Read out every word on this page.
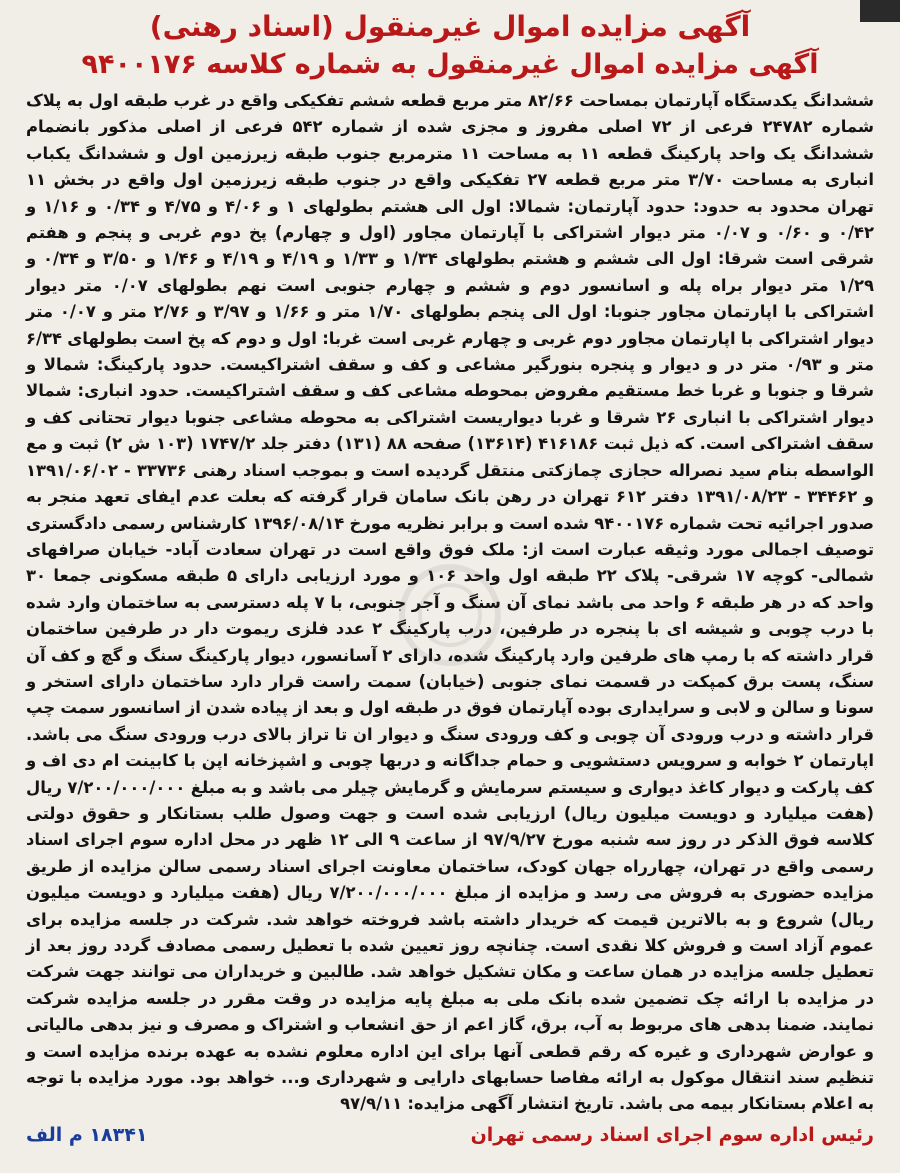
آگهی مزایده اموال غیرمنقول (اسناد رهنی)

آگهی مزایده اموال غیرمنقول به شماره کلاسه ۹۴۰۰۱۷۶

ششدانگ یکدستگاه آپارتمان بمساحت ۸۲/۶۶ متر مربع قطعه ششم تفکیکی واقع در غرب طبقه اول به پلاک شماره ۲۴۷۸۲ فرعی از ۷۲ اصلی مفروز و مجزی شده از شماره ۵۴۲ فرعی از اصلی مذکور بانضمام ششدانگ یک واحد پارکینگ قطعه ۱۱ به مساحت ۱۱ مترمربع جنوب طبقه زیرزمین اول و ششدانگ یکباب انباری به مساحت ۳/۷۰ متر مربع قطعه ۲۷ تفکیکی واقع در جنوب طبقه زیرزمین اول واقع در بخش ۱۱ تهران محدود به حدود: حدود آپارتمان: شمالا: اول الی هشتم بطولهای ۱ و ۴/۰۶ و ۴/۷۵ و ۰/۳۴ و ۱/۱۶ و ۰/۴۲ و ۰/۶۰ و ۰/۰۷ متر دیوار اشتراکی با آپارتمان مجاور (اول و چهارم) پخ دوم غربی و پنجم و هفتم شرقی است شرقا: اول الی ششم و هشتم بطولهای ۱/۳۴ و ۱/۳۳ و ۴/۱۹ و ۴/۱۹ و ۱/۴۶ و ۳/۵۰ و ۰/۳۴ و ۱/۲۹ متر دیوار براه پله و اسانسور دوم و ششم و چهارم جنوبی است نهم بطولهای ۰/۰۷ متر دیوار اشتراکی با اپارتمان مجاور جنوبا: اول الی پنجم بطولهای ۱/۷۰ متر و ۱/۶۶ و ۳/۹۷ و ۲/۷۶ متر و ۰/۰۷ متر دیوار اشتراکی با اپارتمان مجاور دوم غربی و چهارم غربی است غربا: اول و دوم که پخ است بطولهای ۶/۳۴ متر و ۰/۹۳ متر در و دیوار و پنجره بنورگیر مشاعی و کف و سقف اشتراکیست. حدود پارکینگ: شمالا و شرقا و جنوبا و غربا خط مستقیم مفروض بمحوطه مشاعی کف و سقف اشتراکیست. حدود انباری: شمالا دیوار اشتراکی با انباری ۲۶ شرقا و غربا دیواریست اشتراکی به محوطه مشاعی جنوبا دیوار تحتانی کف و سقف اشتراکی است. که ذیل ثبت ۴۱۶۱۸۶ (۱۳۶۱۴) صفحه ۸۸ (۱۳۱) دفتر جلد ۱۷۴۷/۲ (۱۰۳ ش ۲) ثبت و مع الواسطه بنام سید نصراله حجازی چمازکتی منتقل گردیده است و بموجب اسناد رهنی ۳۳۷۳۶ - ۱۳۹۱/۰۶/۰۲ و ۳۴۴۶۲ - ۱۳۹۱/۰۸/۲۳ دفتر ۶۱۲ تهران در رهن بانک سامان قرار گرفته که بعلت عدم ایفای تعهد منجر به صدور اجرائیه تحت شماره ۹۴۰۰۱۷۶ شده است و برابر نظریه مورخ ۱۳۹۶/۰۸/۱۴ کارشناس رسمی دادگستری توصیف اجمالی مورد وثیقه عبارت است از: ملک فوق واقع است در تهران سعادت آباد- خیابان صرافهای شمالی- کوچه ۱۷ شرقی- پلاک ۲۲ طبقه اول واحد ۱۰۶ و مورد ارزیابی دارای ۵ طبقه مسکونی جمعا ۳۰ واحد که در هر طبقه ۶ واحد می باشد نمای آن سنگ و آجر جنوبی، با ۷ پله دسترسی به ساختمان وارد شده با درب چوبی و شیشه ای با پنجره در طرفین، درب پارکینگ ۲ عدد فلزی ریموت دار در طرفین ساختمان قرار داشته که با رمپ های طرفین وارد پارکینگ شده، دارای ۲ آسانسور، دیوار پارکینگ سنگ و گچ و کف آن سنگ، پست برق کمپکت در قسمت نمای جنوبی (خیابان) سمت راست قرار دارد ساختمان دارای استخر و سونا و سالن و لابی و سرایداری بوده آپارتمان فوق در طبقه اول و بعد از پیاده شدن از اسانسور سمت چپ قرار داشته و درب ورودی آن چوبی و کف ورودی سنگ و دیوار ان تا تراز بالای درب ورودی سنگ می باشد. اپارتمان ۲ خوابه و سرویس دستشویی و حمام جداگانه و دربها چوبی و اشپزخانه اپن با کابینت ام دی اف و کف پارکت و دیوار کاغذ دیواری و سیستم سرمایش و گرمایش چیلر می باشد و به مبلغ ۷/۲۰۰/۰۰۰/۰۰۰ ریال (هفت میلیارد و دویست میلیون ریال) ارزیابی شده است و جهت وصول طلب بستانکار و حقوق دولتی کلاسه فوق الذکر در روز سه شنبه مورخ ۹۷/۹/۲۷ از ساعت ۹ الی ۱۲ ظهر در محل اداره سوم اجرای اسناد رسمی واقع در تهران، چهارراه جهان کودک، ساختمان معاونت اجرای اسناد رسمی سالن مزایده از طریق مزایده حضوری به فروش می رسد و مزایده از مبلغ ۷/۲۰۰/۰۰۰/۰۰۰ ریال (هفت میلیارد و دویست میلیون ریال) شروع و به بالاترین قیمت که خریدار داشته باشد فروخته خواهد شد. شرکت در جلسه مزایده برای عموم آزاد است و فروش کلا نقدی است. چنانچه روز تعیین شده با تعطیل رسمی مصادف گردد روز بعد از تعطیل جلسه مزایده در همان ساعت و مکان تشکیل خواهد شد. طالبین و خریداران می توانند جهت شرکت در مزایده با ارائه چک تضمین شده بانک ملی به مبلغ پایه مزایده در وقت مقرر در جلسه مزایده شرکت نمایند. ضمنا بدهی های مربوط به آب، برق، گاز اعم از حق انشعاب و اشتراک و مصرف و نیز بدهی مالیاتی و عوارض شهرداری و غیره که رقم قطعی آنها برای این اداره معلوم نشده به عهده برنده مزایده است و تنظیم سند انتقال موکول به ارائه مفاصا حسابهای دارایی و شهرداری و... خواهد بود. مورد مزایده با توجه به اعلام بستانکار بیمه می باشد. تاریخ انتشار آگهی مزایده: ۹۷/۹/۱۱

رئیس اداره سوم اجرای اسناد رسمی تهران
۱۸۳۴۱ م الف
